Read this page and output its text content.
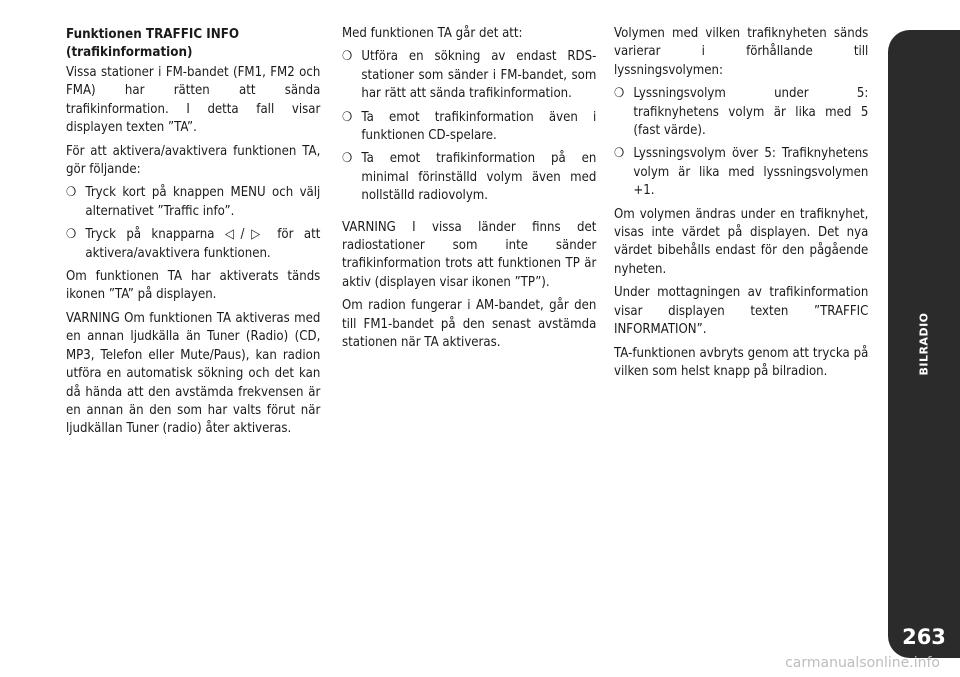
Funktionen TRAFFIC INFO
(trafikinformation)

Vissa stationer i FM-bandet (FM1, FM2 och FMA) har rätten att sända trafikinformation. I detta fall visar displayen texten ”TA”.

För att aktivera/avaktivera funktionen TA, gör följande:

❍ Tryck kort på knappen MENU och välj alternativet ”Traffic info”.
❍ Tryck på knapparna ◁/▷ för att aktivera/avaktivera funktionen.

Om funktionen TA har aktiverats tänds ikonen ”TA” på displayen.

VARNING Om funktionen TA aktiveras med en annan ljudkälla än Tuner (Radio) (CD, MP3, Telefon eller Mute/Paus), kan radion utföra en automatisk sökning och det kan då hända att den avstämda frekvensen är en annan än den som har valts förut när ljudkällan Tuner (radio) åter aktiveras.

Med funktionen TA går det att:

❍ Utföra en sökning av endast RDS-stationer som sänder i FM-bandet, som har rätt att sända trafikinformation.
❍ Ta emot trafikinformation även i funktionen CD-spelare.
❍ Ta emot trafikinformation på en minimal förinställd volym även med nollställd radiovolym.

VARNING I vissa länder finns det radiostationer som inte sänder trafikinformation trots att funktionen TP är aktiv (displayen visar ikonen ”TP”).

Om radion fungerar i AM-bandet, går den till FM1-bandet på den senast avstämda stationen när TA aktiveras.

Volymen med vilken trafiknyheten sänds varierar i förhållande till lyssningsvolymen:

❍ Lyssningsvolym under 5: trafiknyhetens volym är lika med 5 (fast värde).
❍ Lyssningsvolym över 5: Trafiknyhetens volym är lika med lyssningsvolymen +1.

Om volymen ändras under en trafiknyhet, visas inte värdet på displayen. Det nya värdet bibehålls endast för den pågående nyheten.

Under mottagningen av trafikinformation visar displayen texten ”TRAFFIC INFORMATION”.

TA-funktionen avbryts genom att trycka på vilken som helst knapp på bilradion.	BILRADIO
263
carmanualsonline.info
